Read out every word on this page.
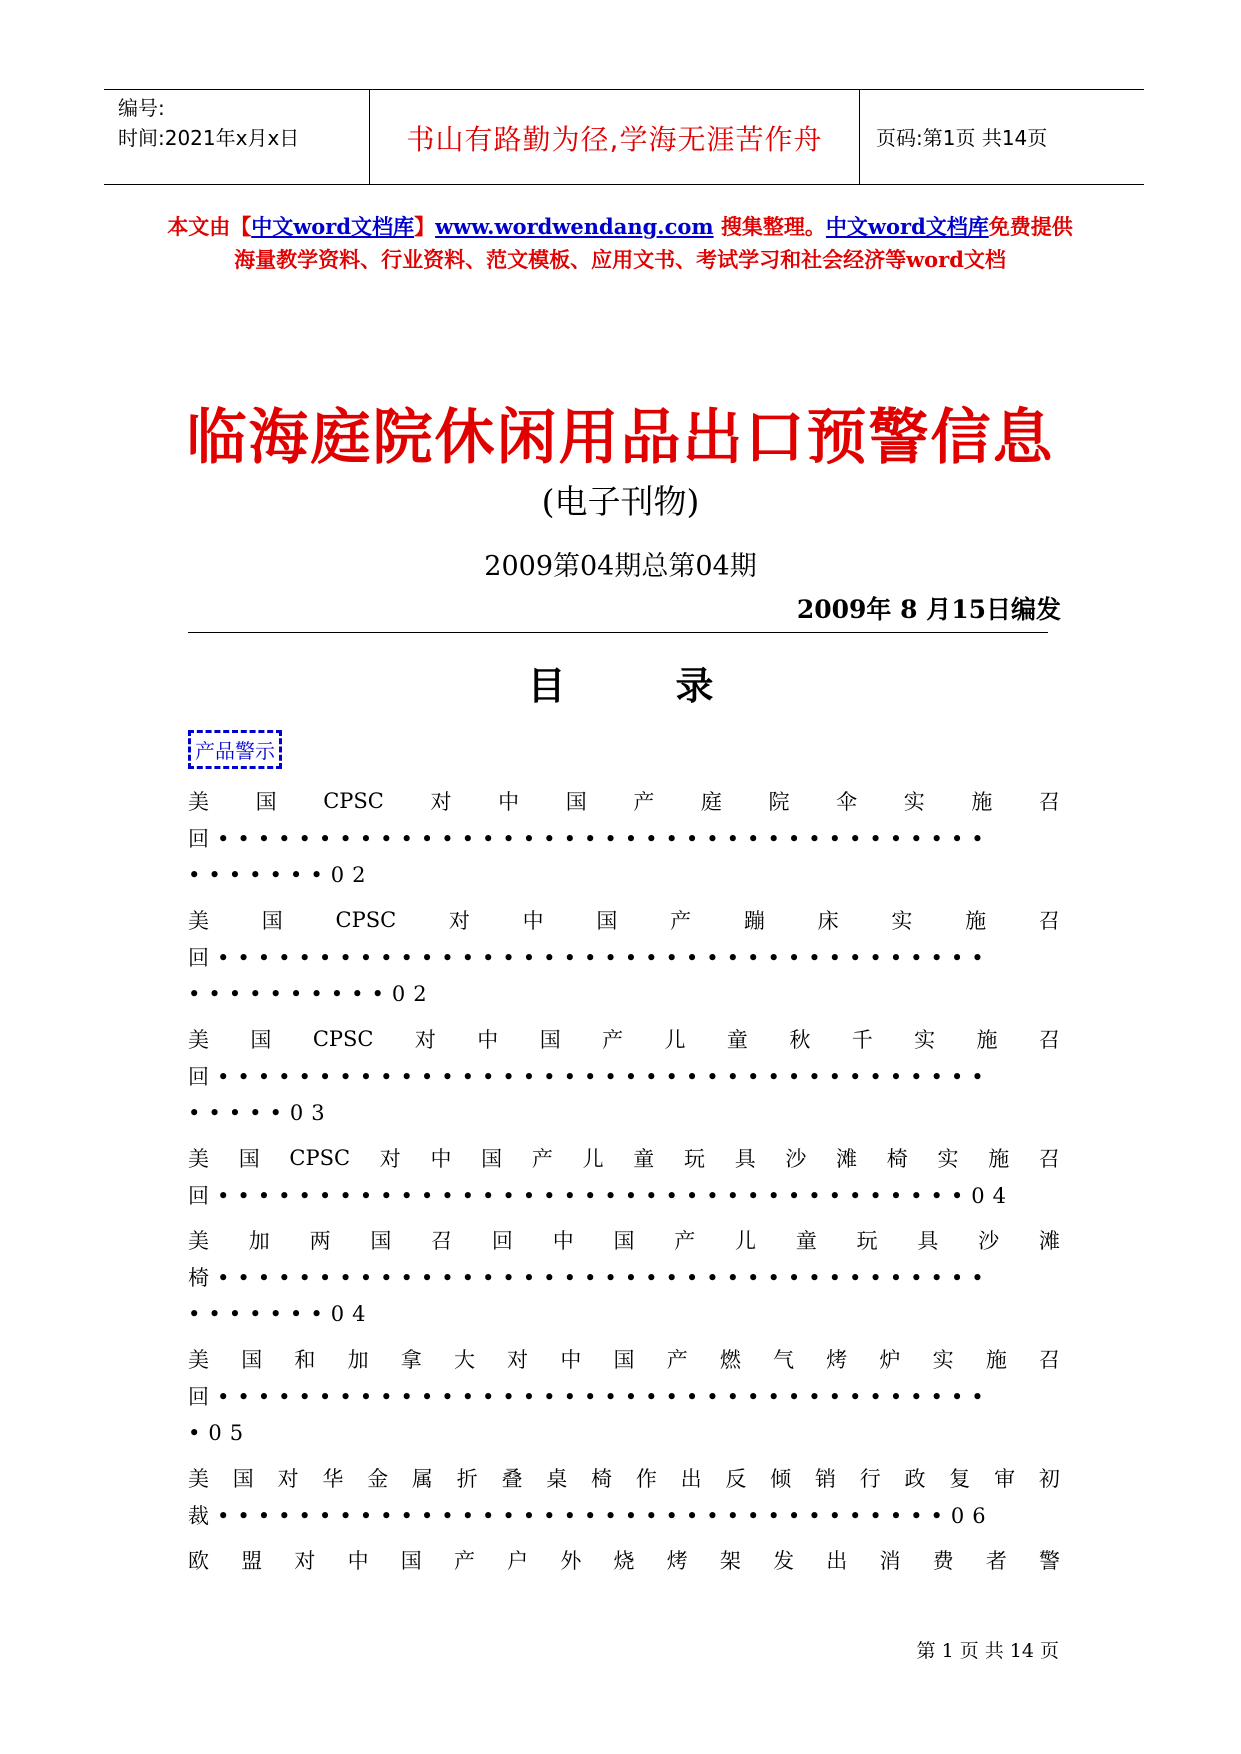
编号:
时间:2021年x月x日	书山有路勤为径,学海无涯苦作舟	页码:第1页 共14页
本文由【中文word文档库】www.wordwendang.com 搜集整理。中文word文档库免费提供海量教学资料、行业资料、范文模板、应用文书、考试学习和社会经济等word文档
临海庭院休闲用品出口预警信息
(电子刊物)
2009第04期总第04期
2009年 8 月15日编发
目录
产品警示
美 国 CPSC 对 中 国 产 庭 院 伞 实 施 召
回••••••••••••••••••••••••••••••••••••••
•••••••02
美	国	CPSC	对	中	国	产	蹦	床	实	施	召
回••••••••••••••••••••••••••••••••••••••
••••••••••02
美 国 CPSC 对 中 国 产 儿 童 秋 千 实 施 召
回••••••••••••••••••••••••••••••••••••••
•••••03
美 国 CPSC 对 中 国 产 儿 童 玩 具 沙 滩 椅 实 施 召
回•••••••••••••••••••••••••••••••••••••04
美 加 两 国 召 回 中 国 产 儿 童 玩 具 沙 滩
椅••••••••••••••••••••••••••••••••••••••
•••••••04
美 国 和 加 拿 大 对 中 国 产 燃 气 烤 炉 实 施 召
回••••••••••••••••••••••••••••••••••••••
•05
美 国 对 华 金 属 折 叠 桌 椅 作 出 反 倾 销 行 政 复 审 初
裁••••••••••••••••••••••••••••••••••••06
欧 盟 对 中 国 产 户 外 烧 烤 架 发 出 消 费 者 警
第 1 页 共 14 页
